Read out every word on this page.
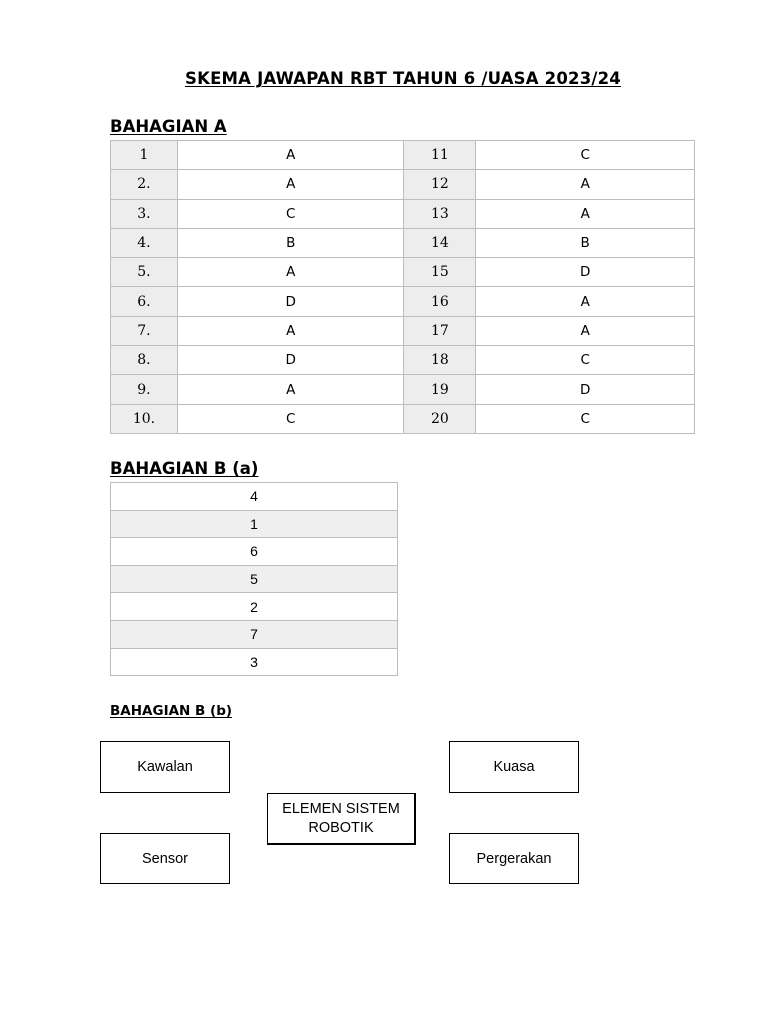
SKEMA JAWAPAN RBT TAHUN 6 /UASA 2023/24
BAHAGIAN A
1	A	11	C
2.	A	12	A
3.	C	13	A
4.	B	14	B
5.	A	15	D
6.	D	16	A
7.	A	17	A
8.	D	18	C
9.	A	19	D
10.	C	20	C
BAHAGIAN B (a)
4
1
6
5
2
7
3
BAHAGIAN B (b)
Kawalan	Kuasa
ELEMEN SISTEM
ROBOTIK
Sensor	Pergerakan
